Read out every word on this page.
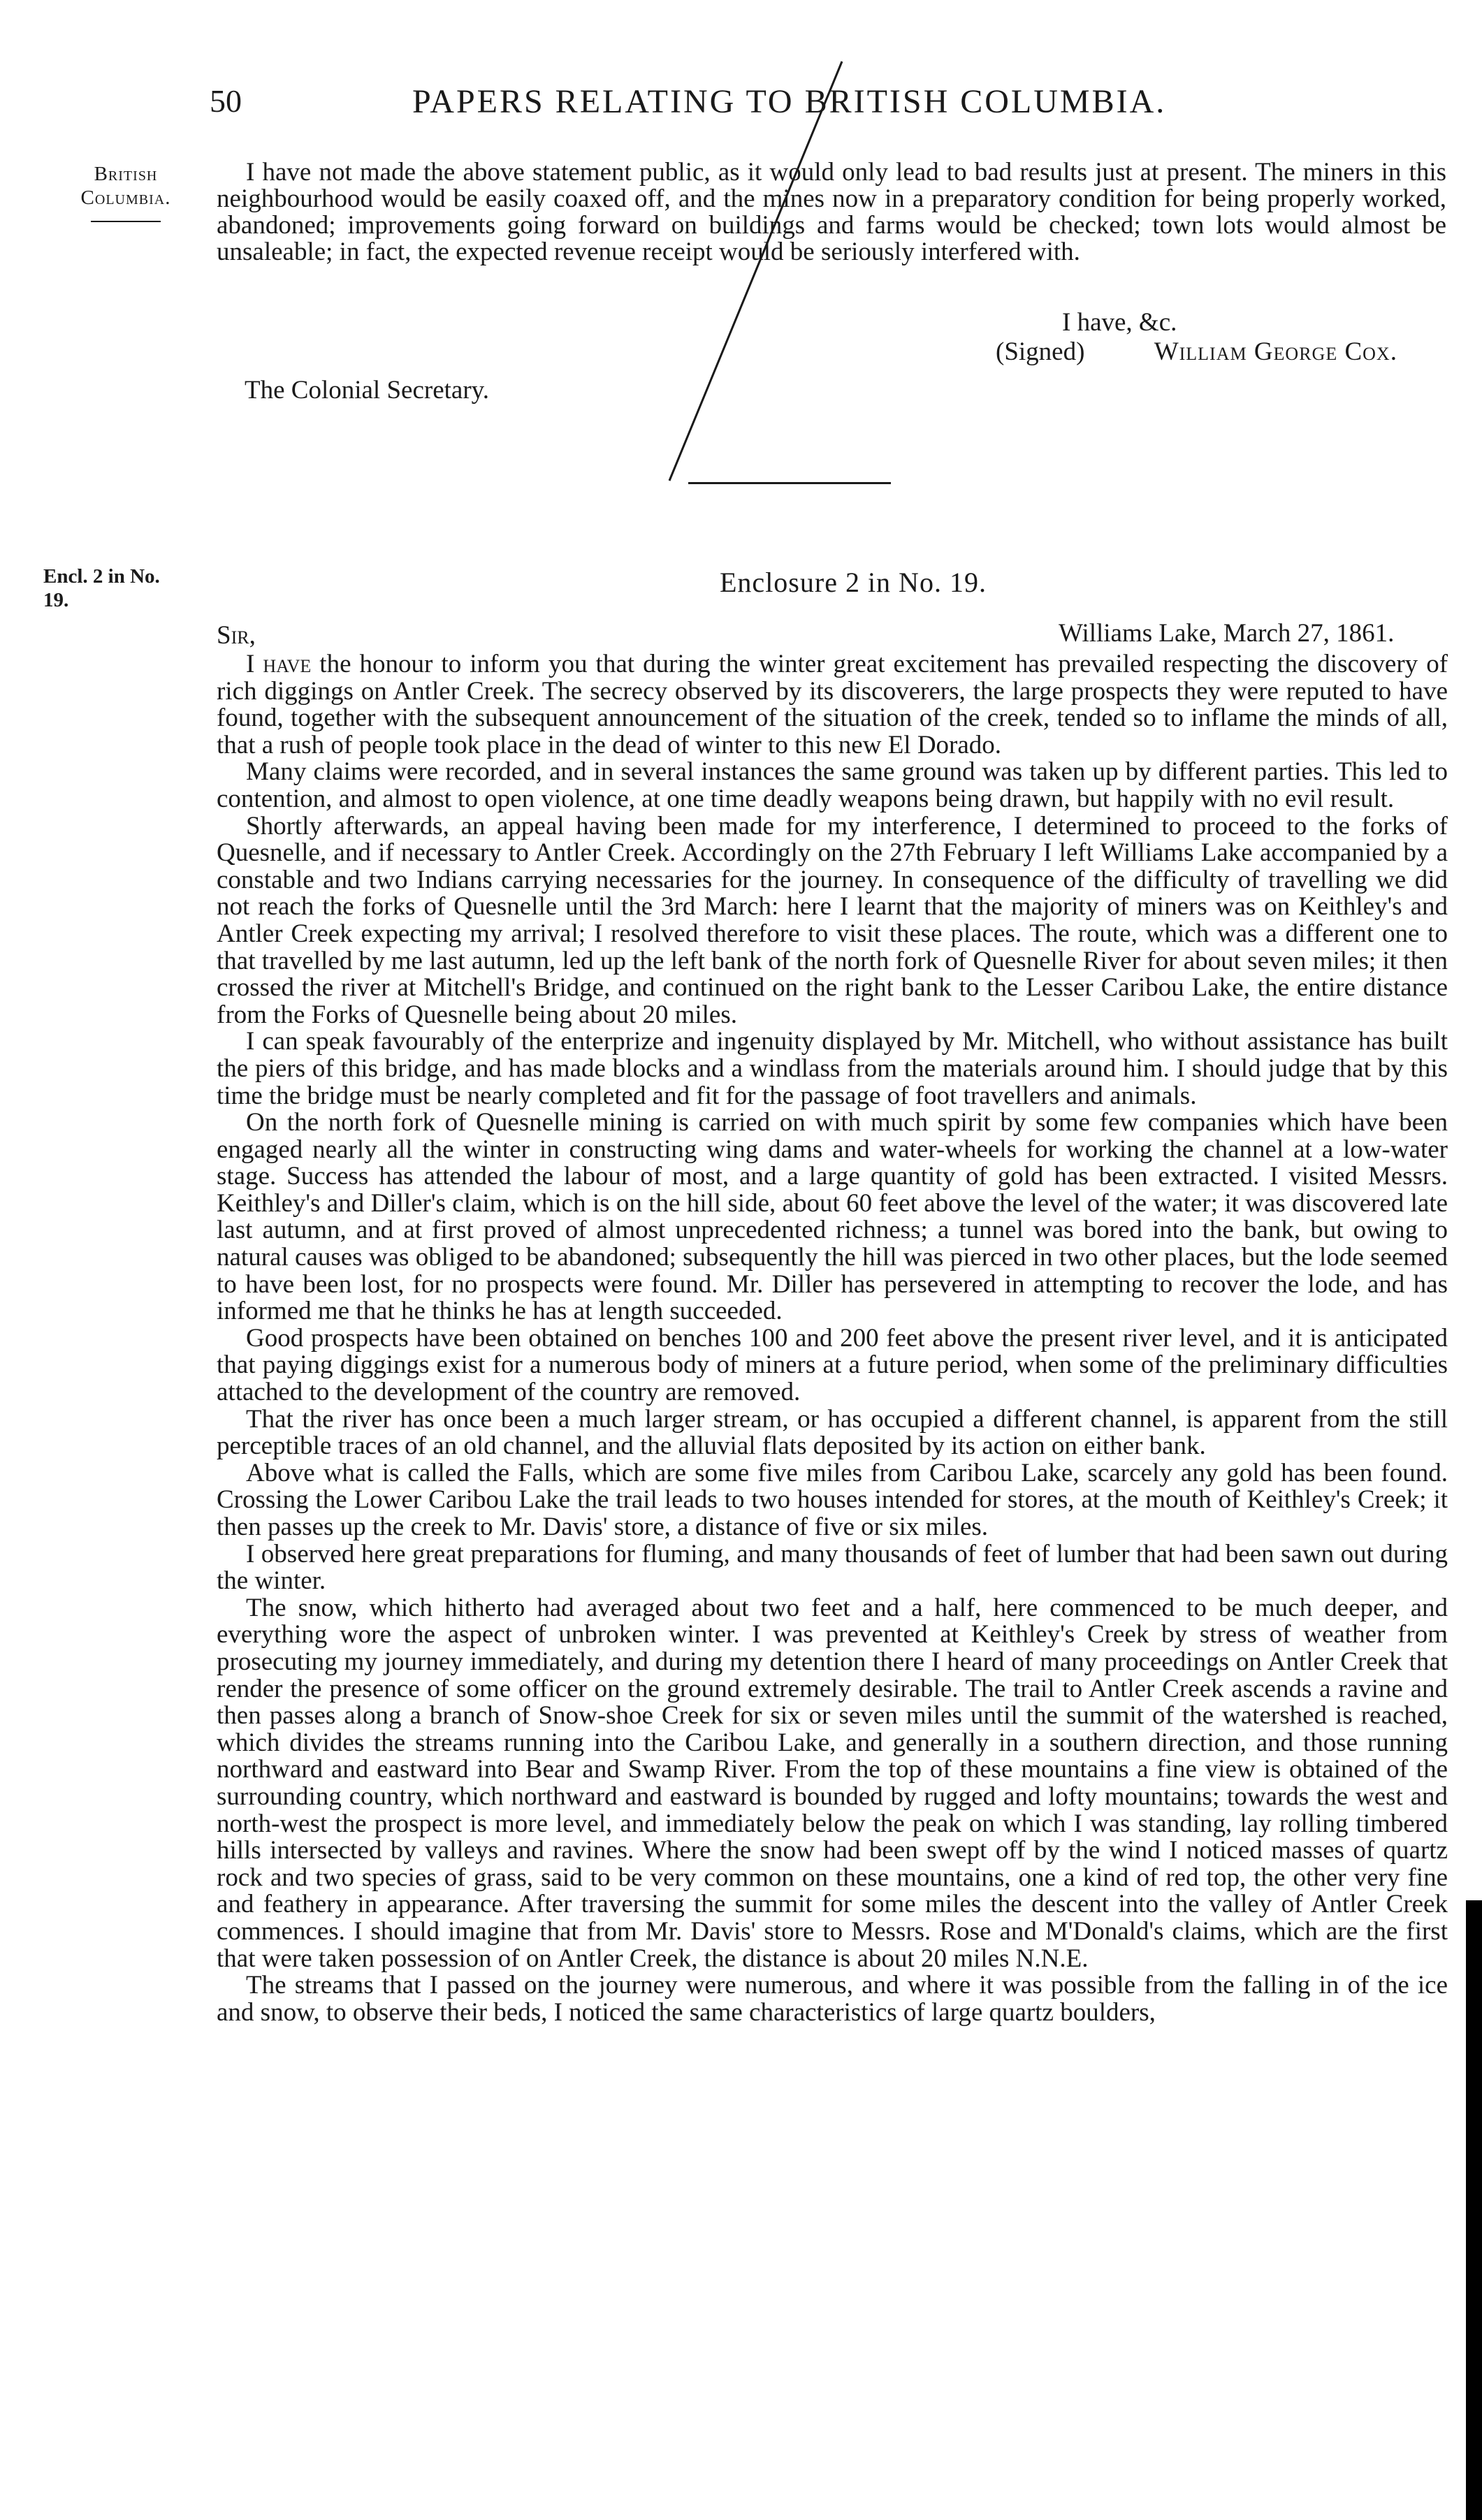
50	PAPERS RELATING TO BRITISH COLUMBIA.
British Columbia.
I have not made the above statement public, as it would only lead to bad results just at present. The miners in this neighbourhood would be easily coaxed off, and the mines now in a preparatory condition for being properly worked, abandoned; improvements going forward on buildings and farms would be checked; town lots would almost be unsaleable; in fact, the expected revenue receipt would be seriously interfered with.
I have, &c.
(Signed)	William George Cox.
The Colonial Secretary.
Encl. 2 in No. 19.
Enclosure 2 in No. 19.
Sir,	Williams Lake, March 27, 1861.

I have the honour to inform you that during the winter great excitement has prevailed respecting the discovery of rich diggings on Antler Creek. The secrecy observed by its discoverers, the large prospects they were reputed to have found, together with the subsequent announcement of the situation of the creek, tended so to inflame the minds of all, that a rush of people took place in the dead of winter to this new El Dorado.

Many claims were recorded, and in several instances the same ground was taken up by different parties. This led to contention, and almost to open violence, at one time deadly weapons being drawn, but happily with no evil result.

Shortly afterwards, an appeal having been made for my interference, I determined to proceed to the forks of Quesnelle, and if necessary to Antler Creek. Accordingly on the 27th February I left Williams Lake accompanied by a constable and two Indians carrying necessaries for the journey. In consequence of the difficulty of travelling we did not reach the forks of Quesnelle until the 3rd March: here I learnt that the majority of miners was on Keithley's and Antler Creek expecting my arrival; I resolved therefore to visit these places. The route, which was a different one to that travelled by me last autumn, led up the left bank of the north fork of Quesnelle River for about seven miles; it then crossed the river at Mitchell's Bridge, and continued on the right bank to the Lesser Caribou Lake, the entire distance from the Forks of Quesnelle being about 20 miles.

I can speak favourably of the enterprize and ingenuity displayed by Mr. Mitchell, who without assistance has built the piers of this bridge, and has made blocks and a windlass from the materials around him. I should judge that by this time the bridge must be nearly completed and fit for the passage of foot travellers and animals.

On the north fork of Quesnelle mining is carried on with much spirit by some few companies which have been engaged nearly all the winter in constructing wing dams and water-wheels for working the channel at a low-water stage. Success has attended the labour of most, and a large quantity of gold has been extracted. I visited Messrs. Keithley's and Diller's claim, which is on the hill side, about 60 feet above the level of the water; it was discovered late last autumn, and at first proved of almost unprecedented richness; a tunnel was bored into the bank, but owing to natural causes was obliged to be abandoned; subsequently the hill was pierced in two other places, but the lode seemed to have been lost, for no prospects were found. Mr. Diller has persevered in attempting to recover the lode, and has informed me that he thinks he has at length succeeded.

Good prospects have been obtained on benches 100 and 200 feet above the present river level, and it is anticipated that paying diggings exist for a numerous body of miners at a future period, when some of the preliminary difficulties attached to the development of the country are removed.

That the river has once been a much larger stream, or has occupied a different channel, is apparent from the still perceptible traces of an old channel, and the alluvial flats deposited by its action on either bank.

Above what is called the Falls, which are some five miles from Caribou Lake, scarcely any gold has been found. Crossing the Lower Caribou Lake the trail leads to two houses intended for stores, at the mouth of Keithley's Creek; it then passes up the creek to Mr. Davis' store, a distance of five or six miles.

I observed here great preparations for fluming, and many thousands of feet of lumber that had been sawn out during the winter.

The snow, which hitherto had averaged about two feet and a half, here commenced to be much deeper, and everything wore the aspect of unbroken winter. I was prevented at Keithley's Creek by stress of weather from prosecuting my journey immediately, and during my detention there I heard of many proceedings on Antler Creek that render the presence of some officer on the ground extremely desirable. The trail to Antler Creek ascends a ravine and then passes along a branch of Snow-shoe Creek for six or seven miles until the summit of the watershed is reached, which divides the streams running into the Caribou Lake, and generally in a southern direction, and those running northward and eastward into Bear and Swamp River. From the top of these mountains a fine view is obtained of the surrounding country, which northward and eastward is bounded by rugged and lofty mountains; towards the west and north-west the prospect is more level, and immediately below the peak on which I was standing, lay rolling timbered hills intersected by valleys and ravines. Where the snow had been swept off by the wind I noticed masses of quartz rock and two species of grass, said to be very common on these mountains, one a kind of red top, the other very fine and feathery in appearance. After traversing the summit for some miles the descent into the valley of Antler Creek commences. I should imagine that from Mr. Davis' store to Messrs. Rose and M'Donald's claims, which are the first that were taken possession of on Antler Creek, the distance is about 20 miles N.N.E.

The streams that I passed on the journey were numerous, and where it was possible from the falling in of the ice and snow, to observe their beds, I noticed the same characteristics of large quartz boulders,
